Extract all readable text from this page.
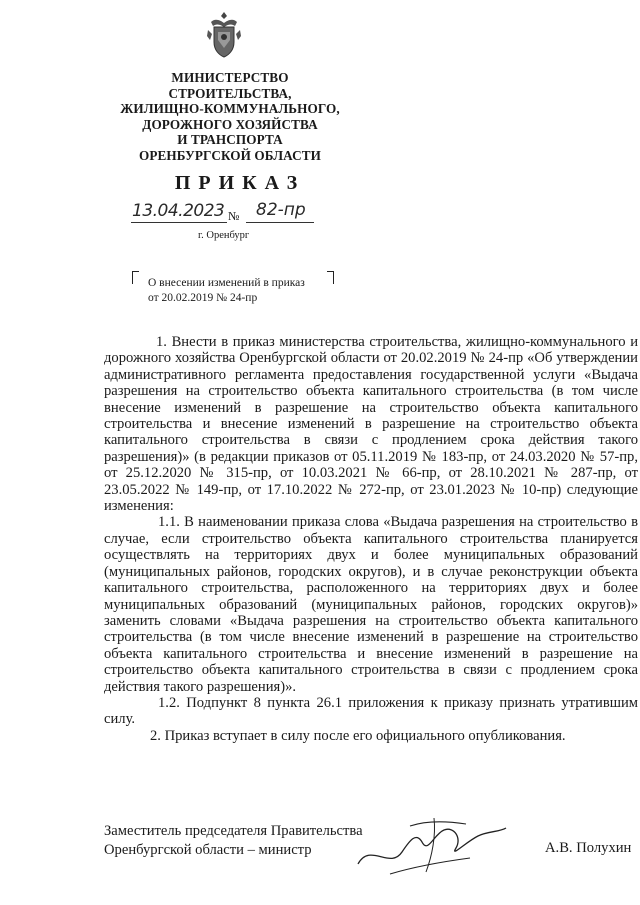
МИНИСТЕРСТВО
СТРОИТЕЛЬСТВА,
ЖИЛИЩНО-КОММУНАЛЬНОГО,
ДОРОЖНОГО ХОЗЯЙСТВА
И ТРАНСПОРТА
ОРЕНБУРГСКОЙ ОБЛАСТИ
ПРИКАЗ
13.04.2023 № 82-пр
г. Оренбург
О внесении изменений в приказ
от 20.02.2019 № 24-пр

1. Внести в приказ министерства строительства, жилищно-коммунального и дорожного хозяйства Оренбургской области от 20.02.2019 № 24-пр «Об утверждении административного регламента предоставления государственной услуги «Выдача разрешения на строительство объекта капитального строительства (в том числе внесение изменений в разрешение на строительство объекта капитального строительства и внесение изменений в разрешение на строительство объекта капитального строительства в связи с продлением срока действия такого разрешения)» (в редакции приказов от 05.11.2019 № 183-пр, от 24.03.2020 № 57-пр, от 25.12.2020 № 315-пр, от 10.03.2021 № 66-пр, от 28.10.2021 № 287-пр, от 23.05.2022 № 149-пр, от 17.10.2022 № 272-пр, от 23.01.2023 № 10-пр) следующие изменения:

1.1. В наименовании приказа слова «Выдача разрешения на строительство в случае, если строительство объекта капитального строительства планируется осуществлять на территориях двух и более муниципальных образований (муниципальных районов, городских округов), и в случае реконструкции объекта капитального строительства, расположенного на территориях двух и более муниципальных образований (муниципальных районов, городских округов)» заменить словами «Выдача разрешения на строительство объекта капитального строительства (в том числе внесение изменений в разрешение на строительство объекта капитального строительства и внесение изменений в разрешение на строительство объекта капитального строительства в связи с продлением срока действия такого разрешения)».

1.2. Подпункт 8 пункта 26.1 приложения к приказу признать утратившим силу.

2. Приказ вступает в силу после его официального опубликования.

Заместитель председателя Правительства
Оренбургской области – министр	А.В. Полухин
